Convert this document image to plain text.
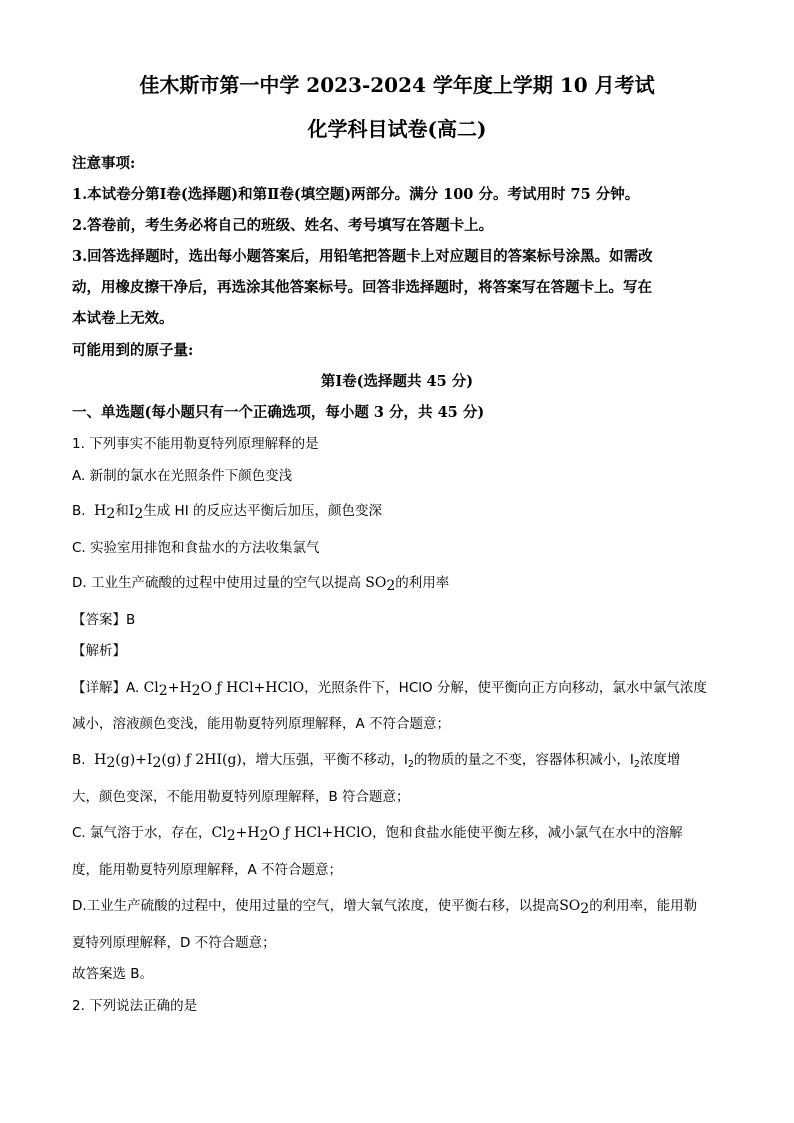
佳木斯市第一中学 2023-2024 学年度上学期 10 月考试
化学科目试卷(高二)
注意事项:
1.本试卷分第Ⅰ卷(选择题)和第Ⅱ卷(填空题)两部分。满分 100 分。考试用时 75 分钟。
2.答卷前，考生务必将自己的班级、姓名、考号填写在答题卡上。
3.回答选择题时，选出每小题答案后，用铅笔把答题卡上对应题目的答案标号涂黑。如需改
动，用橡皮擦干净后，再选涂其他答案标号。回答非选择题时，将答案写在答题卡上。写在
本试卷上无效。
可能用到的原子量:
第Ⅰ卷(选择题共 45 分)
一、单选题(每小题只有一个正确选项，每小题 3 分，共 45 分)
1. 下列事实不能用勒夏特列原理解释的是
A. 新制的氯水在光照条件下颜色变浅
B. $H_2$和$I_2$生成 HI 的反应达平衡后加压，颜色变深
C. 实验室用排饱和食盐水的方法收集氯气
D. 工业生产硫酸的过程中使用过量的空气以提高 $SO_2$的利用率
【答案】B
【解析】
【详解】A. $Cl_2+H_2O$ ƒ HCl+HClO，光照条件下，HClO 分解，使平衡向正方向移动，氯水中氯气浓度
减小，溶液颜色变浅，能用勒夏特列原理解释，A 不符合题意；
B. $H_2(g)+I_2(g)$ ƒ 2HI(g)，增大压强，平衡不移动，$I_2$的物质的量之不变，容器体积减小，$I_2$浓度增
大，颜色变深，不能用勒夏特列原理解释，B 符合题意；
C. 氯气溶于水，存在，$Cl_2+H_2O$ ƒ HCl+HClO，饱和食盐水能使平衡左移，减小氯气在水中的溶解
度，能用勒夏特列原理解释，A 不符合题意；
D.工业生产硫酸的过程中，使用过量的空气，增大氧气浓度，使平衡右移，以提高$SO_2$的利用率，能用勒
夏特列原理解释，D 不符合题意；
故答案选 B。
2. 下列说法正确的是
